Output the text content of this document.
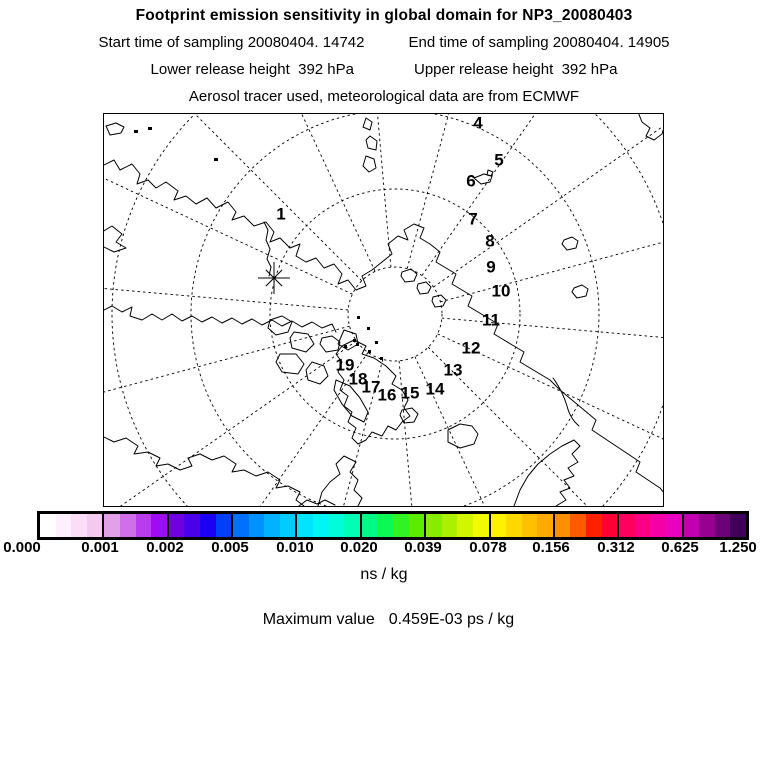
Footprint emission sensitivity in global domain for NP3_20080403
Start time of sampling 20080404. 14742	End time of sampling 20080404. 14905
Lower release height  392 hPa	Upper release height  392 hPa
Aerosol tracer used, meteorological data are from ECMWF
1
4
5
6
7
8
9
10
11
12
13
14
15
16
17
18
19
0.000	0.001 0.002 0.005 0.010 0.020 0.039 0.078 0.156 0.312 0.625 1.250
ns / kg

Maximum value 0.459E-03 ps / kg
